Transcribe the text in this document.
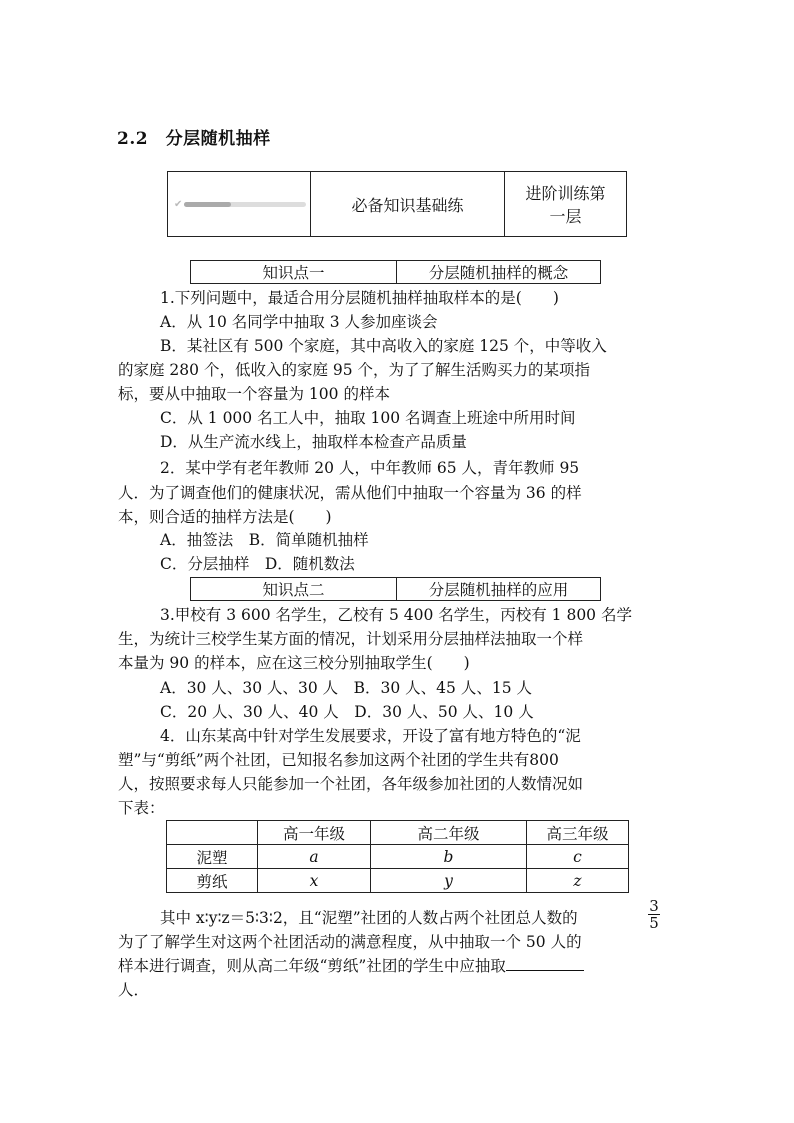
2.2　分层随机抽样
✔	必备知识基础练	
进阶训练第
一层
知识点一	分层随机抽样的概念
1.下列问题中，最适合用分层随机抽样抽取样本的是(　　)
A．从 10 名同学中抽取 3 人参加座谈会
B．某社区有 500 个家庭，其中高收入的家庭 125 个，中等收入
的家庭 280 个，低收入的家庭 95 个，为了了解生活购买力的某项指
标，要从中抽取一个容量为 100 的样本
C．从 1 000 名工人中，抽取 100 名调查上班途中所用时间
D．从生产流水线上，抽取样本检查产品质量
2．某中学有老年教师 20 人，中年教师 65 人，青年教师 95
人．为了调查他们的健康状况，需从他们中抽取一个容量为 36 的样
本，则合适的抽样方法是(　　)
A．抽签法　B．简单随机抽样
C．分层抽样　D．随机数法
知识点二	分层随机抽样的应用
3.甲校有 3 600 名学生，乙校有 5 400 名学生，丙校有 1 800 名学
生，为统计三校学生某方面的情况，计划采用分层抽样法抽取一个样
本量为 90 的样本，应在这三校分别抽取学生(　　)
A．30 人、30 人、30 人　B．30 人、45 人、15 人
C．20 人、30 人、40 人　D．30 人、50 人、10 人
4．山东某高中针对学生发展要求，开设了富有地方特色的“泥
塑”与“剪纸”两个社团，已知报名参加这两个社团的学生共有800
人，按照要求每人只能参加一个社团，各年级参加社团的人数情况如
下表：
	高一年级	高二年级	高三年级
泥塑	a	b	c
剪纸	x	y	z
其中 x∶y∶z＝5∶3∶2，且“泥塑”社团的人数占两个社团总人数的
3
5
为了了解学生对这两个社团活动的满意程度，从中抽取一个 50 人的
样本进行调查，则从高二年级“剪纸”社团的学生中应抽取
人．
